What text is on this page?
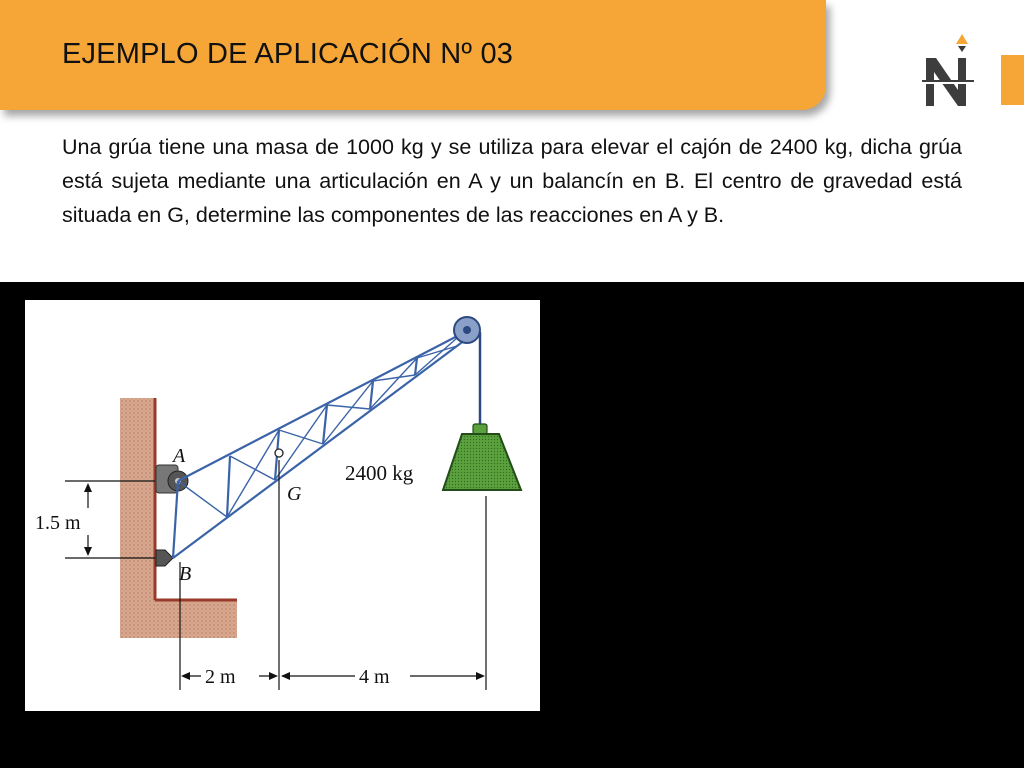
EJEMPLO DE APLICACIÓN Nº 03

Una grúa tiene una masa de 1000 kg y se utiliza para elevar el cajón de 2400 kg, dicha grúa está sujeta mediante una articulación en A y un balancín en B. El centro de gravedad está situada en G, determine las componentes de las reacciones en A y B.

A
B
G
2400 kg
1.5 m
2 m	4 m
